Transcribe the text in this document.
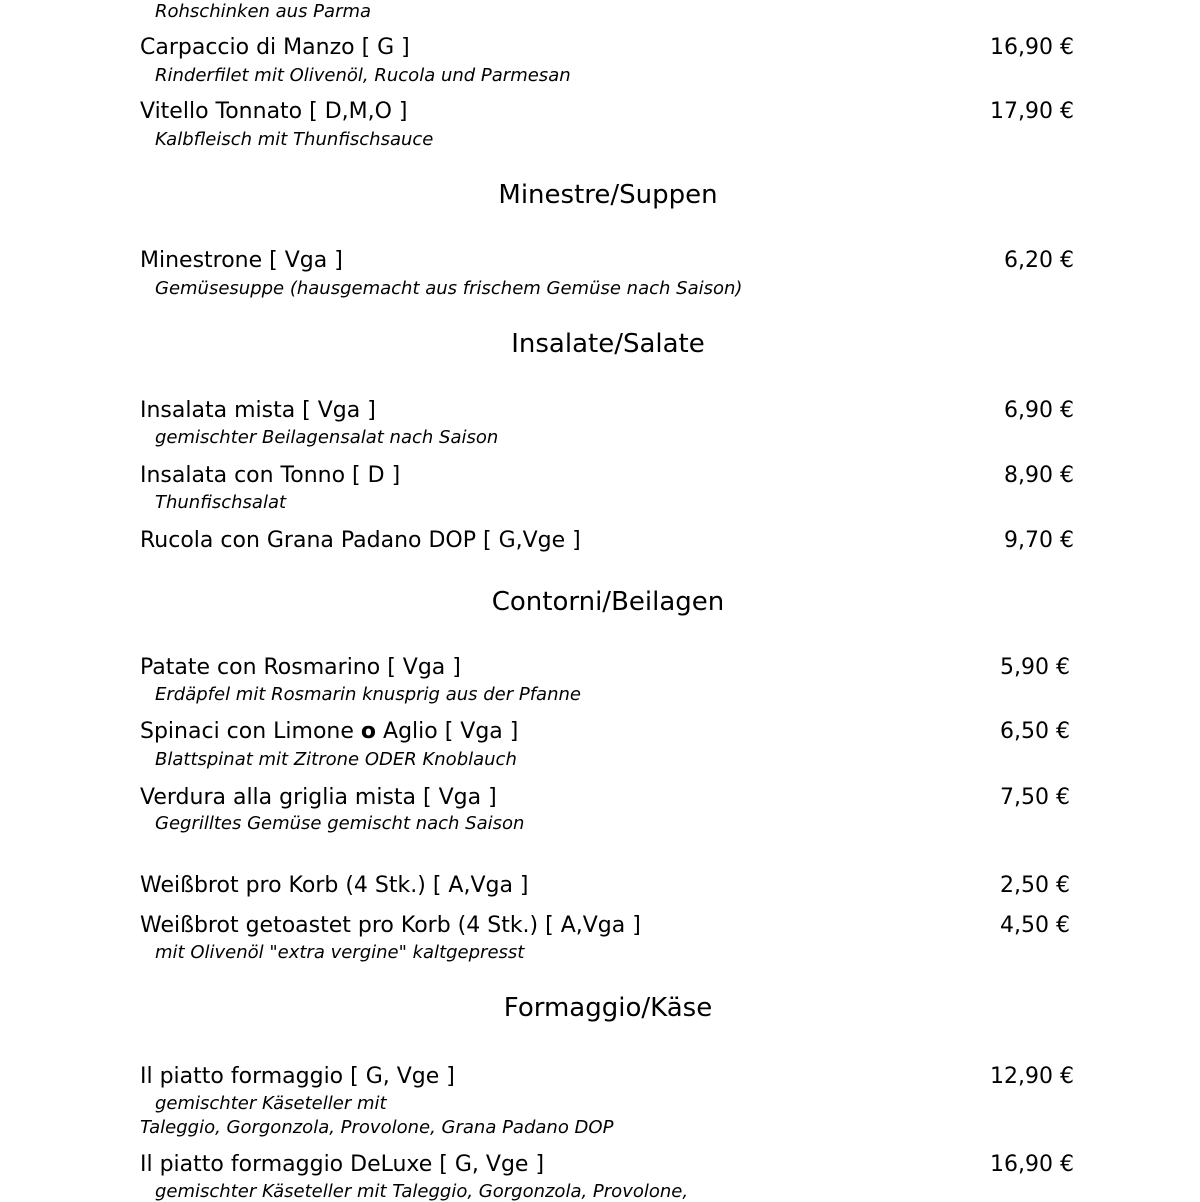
Rohschinken aus Parma
Carpaccio di Manzo [ G ]	16,90 €
Rinderfilet mit Olivenöl, Rucola und Parmesan
Vitello Tonnato [ D,M,O ]	17,90 €
Kalbfleisch mit Thunfischsauce
Minestre/Suppen
Minestrone [ Vga ]	6,20 €
Gemüsesuppe (hausgemacht aus frischem Gemüse nach Saison)
Insalate/Salate
Insalata mista [ Vga ]	6,90 €
gemischter Beilagensalat nach Saison
Insalata con Tonno [ D ]	8,90 €
Thunfischsalat
Rucola con Grana Padano DOP [ G,Vge ]	9,70 €
Contorni/Beilagen
Patate con Rosmarino [ Vga ]	5,90 €
Erdäpfel mit Rosmarin knusprig aus der Pfanne
Spinaci con Limone o Aglio [ Vga ]	6,50 €
Blattspinat mit Zitrone ODER Knoblauch
Verdura alla griglia mista [ Vga ]	7,50 €
Gegrilltes Gemüse gemischt nach Saison
Weißbrot pro Korb (4 Stk.) [ A,Vga ]	2,50 €
Weißbrot getoastet pro Korb (4 Stk.) [ A,Vga ]	4,50 €
mit Olivenöl "extra vergine" kaltgepresst
Formaggio/Käse
Il piatto formaggio [ G, Vge ]	12,90 €
gemischter Käseteller mit
Taleggio, Gorgonzola, Provolone, Grana Padano DOP
Il piatto formaggio DeLuxe [ G, Vge ]	16,90 €
gemischter Käseteller mit Taleggio, Gorgonzola, Provolone,
